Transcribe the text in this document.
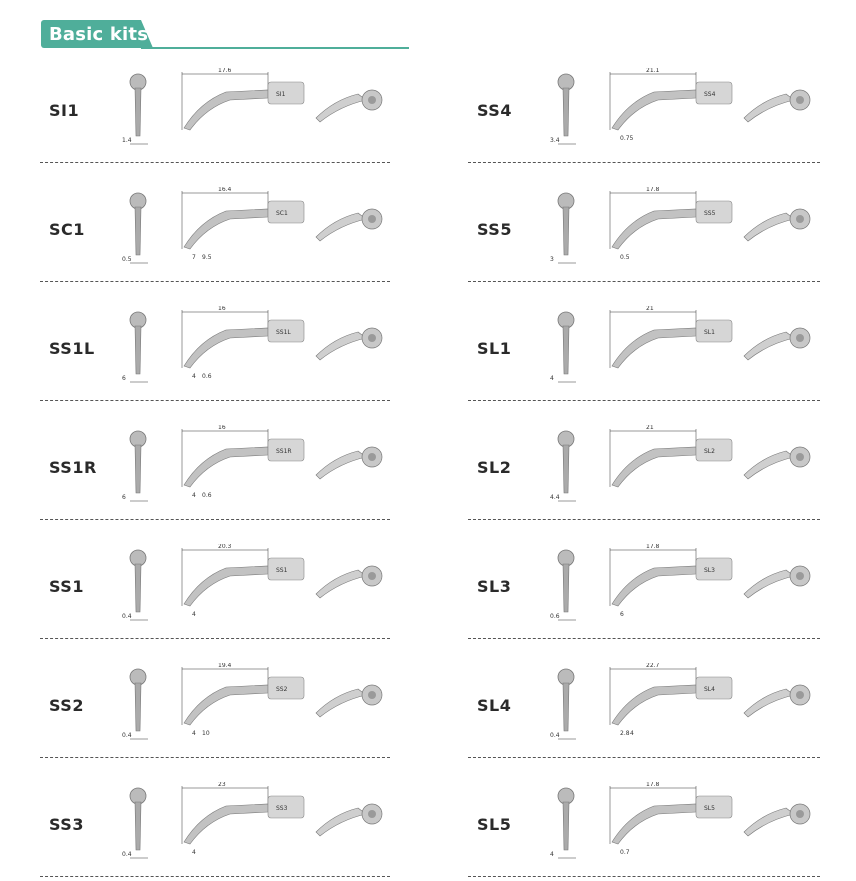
Basic kits
SI1
1.4
17.6
SI1
SC1
0.5
16.4
SC1
7 9.5
SS1L
6
16
SS1L
4 0.6
SS1R
6
16
SS1R
4 0.6
SS1
0.4
20.3
SS1
4
SS2
0.4
19.4
SS2
4 10
SS3
0.4
23
SS3
4
SS4
3.4
21.1
SS4
0.75
SS5
3
17.8
SS5
0.5
SL1
4
21
SL1
SL2
4.4
21
SL2
SL3
0.6
17.8
SL3
6
SL4
0.4
22.7
SL4
2.8 4
SL5
4
17.8
SL5
0.7
